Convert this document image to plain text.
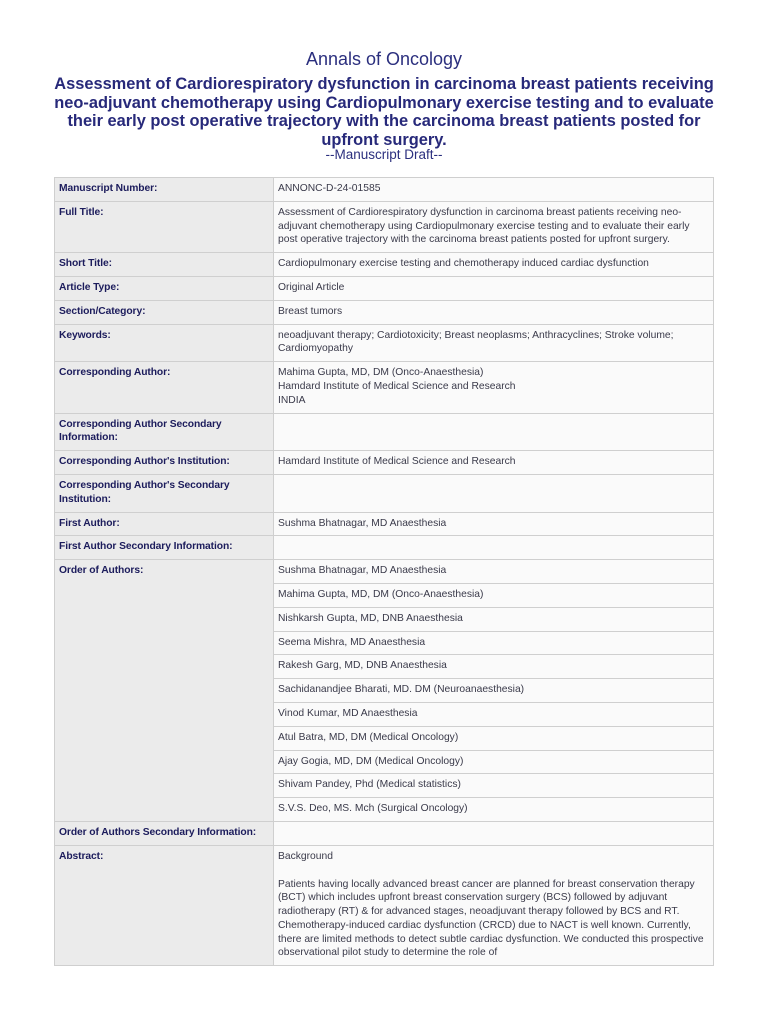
Annals of Oncology
Assessment of Cardiorespiratory dysfunction in carcinoma breast patients receiving neo-adjuvant chemotherapy using Cardiopulmonary exercise testing and to evaluate their early post operative trajectory with the carcinoma breast patients posted for upfront surgery.
--Manuscript Draft--
Manuscript Number:	ANNONC-D-24-01585
Full Title:	Assessment of Cardiorespiratory dysfunction in carcinoma breast patients receiving neo-adjuvant chemotherapy using Cardiopulmonary exercise testing and to evaluate their early post operative trajectory with the carcinoma breast patients posted for upfront surgery.
Short Title:	Cardiopulmonary exercise testing and chemotherapy induced cardiac dysfunction
Article Type:	Original Article
Section/Category:	Breast tumors
Keywords:	neoadjuvant therapy; Cardiotoxicity; Breast neoplasms; Anthracyclines; Stroke volume; Cardiomyopathy
Corresponding Author:	Mahima Gupta, MD, DM (Onco-Anaesthesia)
Hamdard Institute of Medical Science and Research
INDIA

Corresponding Author Secondary Information:	
Corresponding Author's Institution:	Hamdard Institute of Medical Science and Research
Corresponding Author's Secondary Institution:	
First Author:	Sushma Bhatnagar, MD Anaesthesia
First Author Secondary Information:	
Order of Authors:	Sushma Bhatnagar, MD Anaesthesia
	Mahima Gupta, MD, DM (Onco-Anaesthesia)
	Nishkarsh Gupta, MD, DNB Anaesthesia
	Seema Mishra, MD Anaesthesia
	Rakesh Garg, MD, DNB Anaesthesia
	Sachidanandjee Bharati, MD. DM (Neuroanaesthesia)
	Vinod Kumar, MD Anaesthesia
	Atul Batra, MD, DM (Medical Oncology)
	Ajay Gogia, MD, DM (Medical Oncology)
	Shivam Pandey, Phd (Medical statistics)
	S.V.S. Deo, MS. Mch (Surgical Oncology)
Order of Authors Secondary Information:	
Abstract:	Background
Patients having locally advanced breast cancer are planned for breast conservation therapy (BCT) which includes upfront breast conservation surgery (BCS) followed by adjuvant radiotherapy (RT) & for advanced stages, neoadjuvant therapy followed by BCS and RT. Chemotherapy-induced cardiac dysfunction (CRCD) due to NACT is well known. Currently, there are limited methods to detect subtle cardiac dysfunction. We conducted this prospective observational pilot study to determine the role of
